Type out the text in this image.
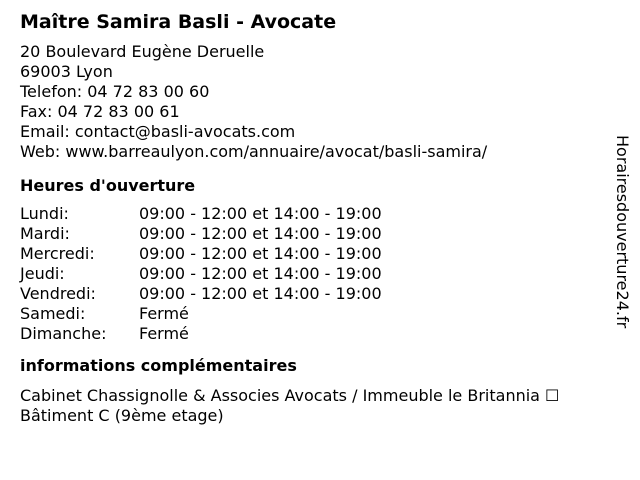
Maître Samira Basli - Avocate
20 Boulevard Eugène Deruelle
69003 Lyon
Telefon: 04 72 83 00 60
Fax: 04 72 83 00 61
Email: contact@basli-avocats.com
Web: www.barreaulyon.com/annuaire/avocat/basli-samira/
Heures d'ouverture
Lundi:	09:00 - 12:00 et 14:00 - 19:00
Mardi:	09:00 - 12:00 et 14:00 - 19:00
Mercredi:	09:00 - 12:00 et 14:00 - 19:00
Jeudi:	09:00 - 12:00 et 14:00 - 19:00
Vendredi:	09:00 - 12:00 et 14:00 - 19:00
Samedi:	Fermé
Dimanche:	Fermé
informations complémentaires
Cabinet Chassignolle & Associes Avocats / Immeuble le Britannia ☐
Bâtiment C (9ème etage)
Horairesdouverture24.fr
